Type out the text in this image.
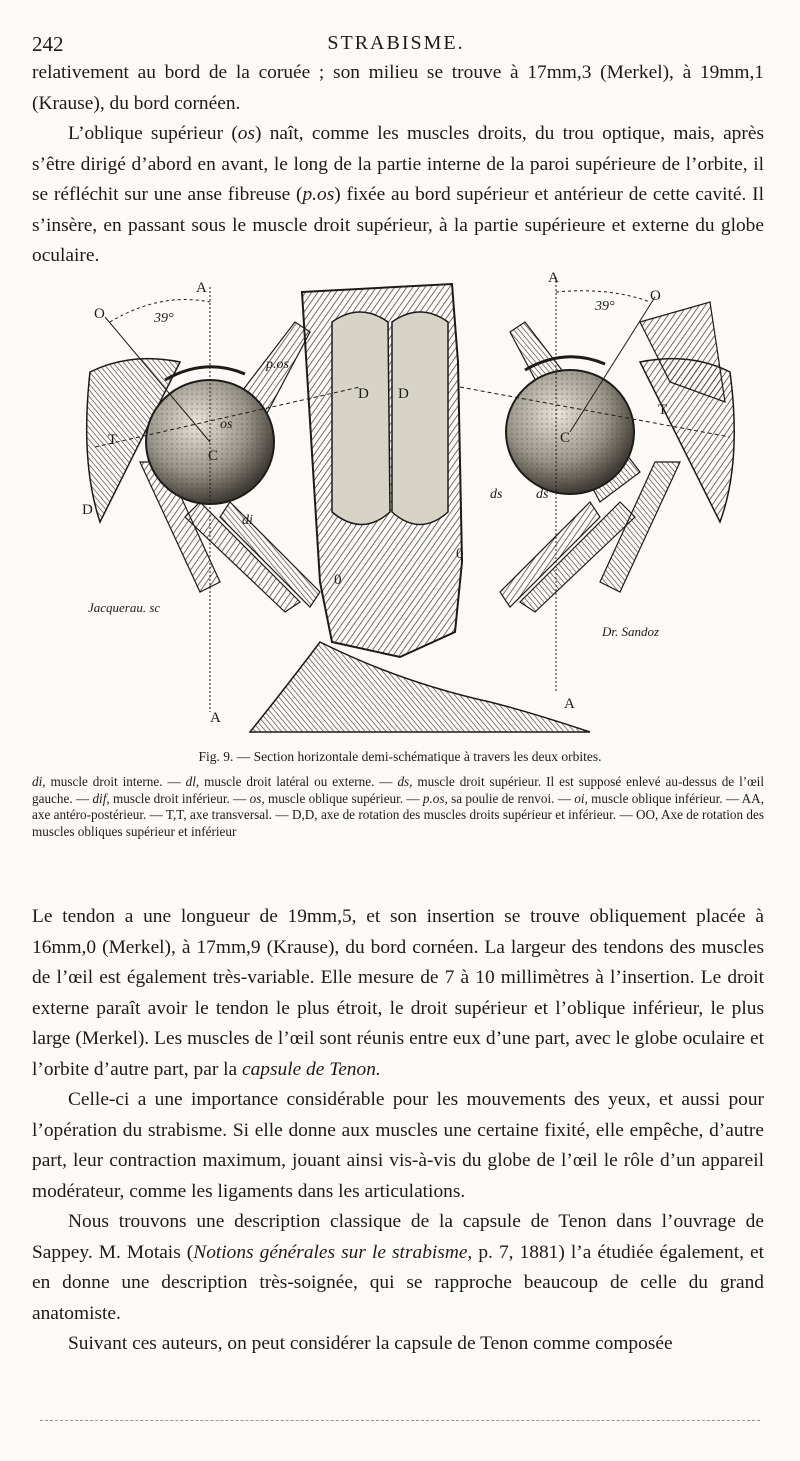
242	STRABISME.

relativement au bord de la coruée ; son milieu se trouve à 17mm,3 (Merkel), à 19mm,1 (Krause), du bord cornéen.

L’oblique supérieur (os) naît, comme les muscles droits, du trou optique, mais, après s’être dirigé d’abord en avant, le long de la partie interne de la paroi supérieure de l’orbite, il se réfléchit sur une anse fibreuse (p.os) fixée au bord supérieur et antérieur de cette cavité. Il s’insère, en passant sous le muscle droit supérieur, à la partie supérieure et externe du globe oculaire.

A
O	39°
p.os
os
T
C
D
D D
di
0
A
A
O
39°
T
C
ds ds
0
A
Jacquerau. sc
Dr. Sandoz
Fig. 9. — Section horizontale demi-schématique à travers les deux orbites.
di, muscle droit interne. — dl, muscle droit latéral ou externe. — ds, muscle droit supérieur. Il est supposé enlevé au-dessus de l’œil gauche. — dif, muscle droit inférieur. — os, muscle oblique supérieur. — p.os, sa poulie de renvoi. — oi, muscle oblique inférieur. — AA, axe antéro-postérieur. — T,T, axe transversal. — D,D, axe de rotation des muscles droits supérieur et inférieur. — OO, Axe de rotation des muscles obliques supérieur et inférieur

Le tendon a une longueur de 19mm,5, et son insertion se trouve obliquement placée à 16mm,0 (Merkel), à 17mm,9 (Krause), du bord cornéen. La largeur des tendons des muscles de l’œil est également très-variable. Elle mesure de 7 à 10 millimètres à l’insertion. Le droit externe paraît avoir le tendon le plus étroit, le droit supérieur et l’oblique inférieur, le plus large (Merkel). Les muscles de l’œil sont réunis entre eux d’une part, avec le globe oculaire et l’orbite d’autre part, par la capsule de Tenon.

Celle-ci a une importance considérable pour les mouvements des yeux, et aussi pour l’opération du strabisme. Si elle donne aux muscles une certaine fixité, elle empêche, d’autre part, leur contraction maximum, jouant ainsi vis-à-vis du globe de l’œil le rôle d’un appareil modérateur, comme les ligaments dans les articulations.

Nous trouvons une description classique de la capsule de Tenon dans l’ouvrage de Sappey. M. Motais (Notions générales sur le strabisme, p. 7, 1881) l’a étudiée également, et en donne une description très-soignée, qui se rapproche beaucoup de celle du grand anatomiste.

Suivant ces auteurs, on peut considérer la capsule de Tenon comme composée
